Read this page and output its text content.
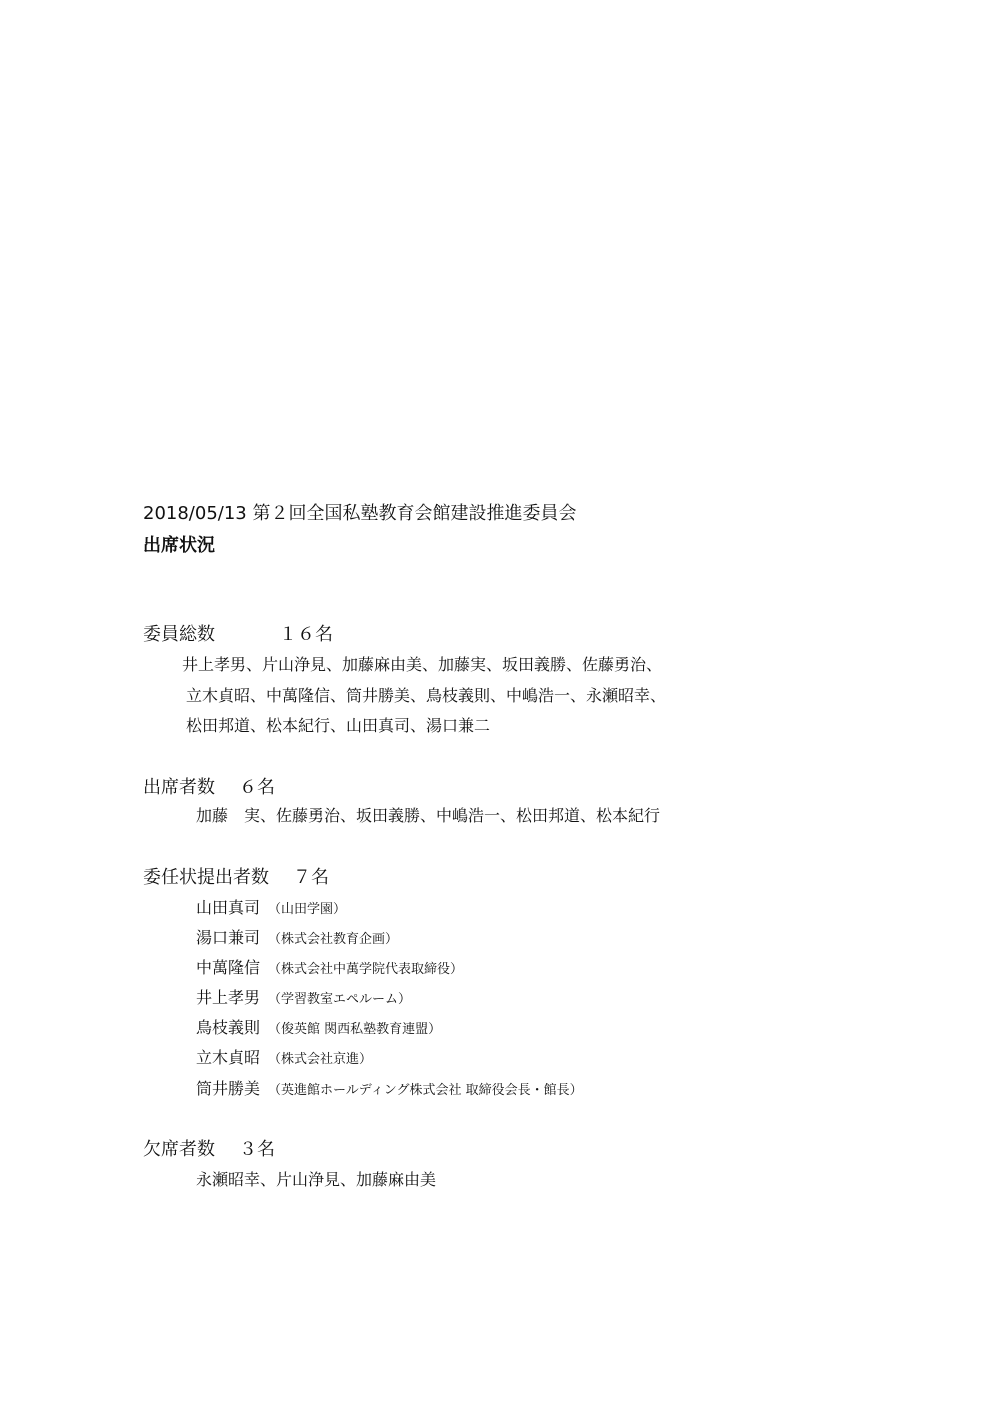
2018/05/13 第２回全国私塾教育会館建設推進委員会
出席状況
委員総数	１６名
井上孝男、片山浄見、加藤麻由美、加藤実、坂田義勝、佐藤勇治、
立木貞昭、中萬隆信、筒井勝美、鳥枝義則、中嶋浩一、永瀬昭幸、
松田邦道、松本紀行、山田真司、湯口兼二
出席者数 ６名
加藤　実、佐藤勇治、坂田義勝、中嶋浩一、松田邦道、松本紀行
委任状提出者数 ７名
山田真司 （山田学園）
湯口兼司 （株式会社教育企画）
中萬隆信 （株式会社中萬学院代表取締役）
井上孝男 （学習教室エペルーム）
鳥枝義則 （俊英館 関西私塾教育連盟）
立木貞昭 （株式会社京進）
筒井勝美 （英進館ホールディング株式会社 取締役会長・館長）
欠席者数 ３名
永瀬昭幸、片山浄見、加藤麻由美
